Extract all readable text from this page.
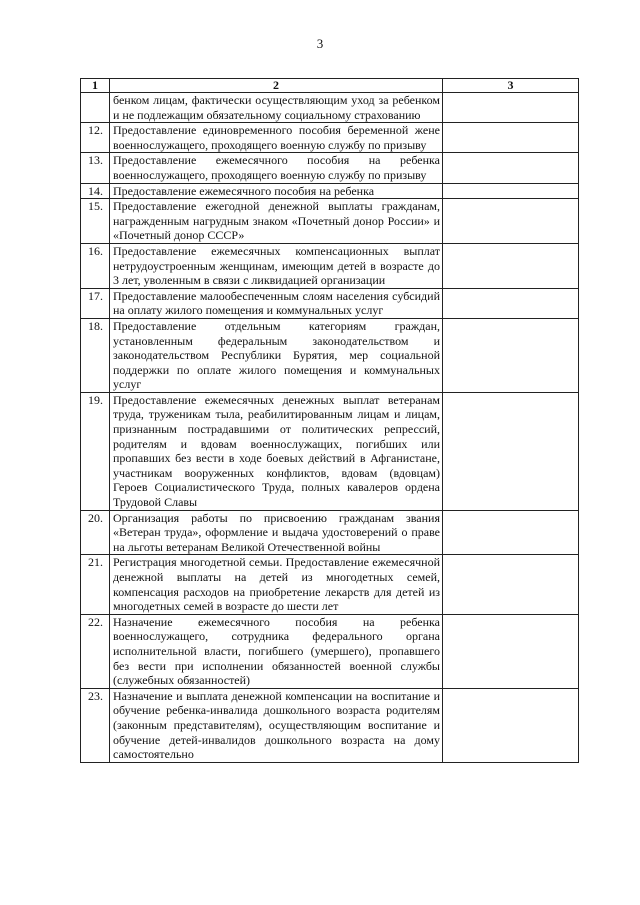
3
1	2	3
	бенком лицам, фактически осуществляющим уход за ребенком и не подлежащим обязательному социальному страхованию	
12.	Предоставление единовременного пособия беременной жене военнослужащего, проходящего военную службу по призыву	
13.	Предоставление ежемесячного пособия на ребенка военнослужащего, проходящего военную службу по призыву	
14.	Предоставление ежемесячного пособия на ребенка	
15.	Предоставление ежегодной денежной выплаты гражданам, награжденным нагрудным знаком «Почетный донор России» и «Почетный донор СССР»	
16.	Предоставление ежемесячных компенсационных выплат нетрудоустроенным женщинам, имеющим детей в возрасте до 3 лет, уволенным в связи с ликвидацией организации	
17.	Предоставление малообеспеченным слоям населения субсидий на оплату жилого помещения и коммунальных услуг	
18.	Предоставление отдельным категориям граждан, установленным федеральным законодательством и законодательством Республики Бурятия, мер социальной поддержки по оплате жилого помещения и коммунальных услуг	
19.	Предоставление ежемесячных денежных выплат ветеранам труда, труженикам тыла, реабилитированным лицам и лицам, признанным пострадавшими от политических репрессий, родителям и вдовам военнослужащих, погибших или пропавших без вести в ходе боевых действий в Афганистане, участникам вооруженных конфликтов, вдовам (вдовцам) Героев Социалистического Труда, полных кавалеров ордена Трудовой Славы	
20.	Организация работы по присвоению гражданам звания «Ветеран труда», оформление и выдача удостоверений о праве на льготы ветеранам Великой Отечественной войны	
21.	Регистрация многодетной семьи. Предоставление ежемесячной денежной выплаты на детей из многодетных семей, компенсация расходов на приобретение лекарств для детей из многодетных семей в возрасте до шести лет	
22.	Назначение ежемесячного пособия на ребенка военнослужащего, сотрудника федерального органа исполнительной власти, погибшего (умершего), пропавшего без вести при исполнении обязанностей военной службы (служебных обязанностей)	
23.	Назначение и выплата денежной компенсации на воспитание и обучение ребенка-инвалида дошкольного возраста родителям (законным представителям), осуществляющим воспитание и обучение детей-инвалидов дошкольного возраста на дому самостоятельно	
